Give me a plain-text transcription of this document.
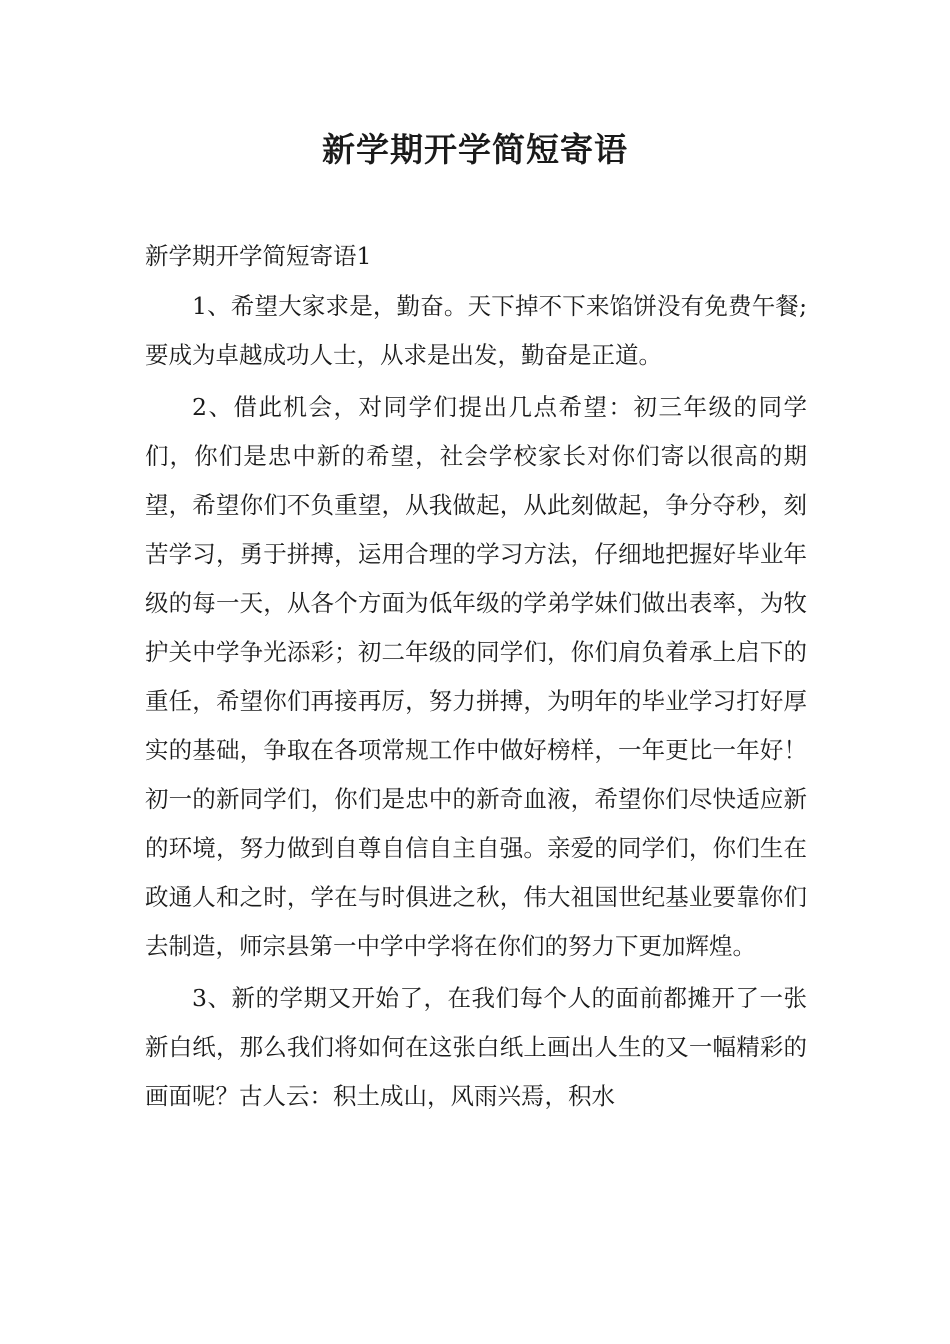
新学期开学简短寄语
新学期开学简短寄语1

1、希望大家求是，勤奋。天下掉不下来馅饼没有免费午餐;要成为卓越成功人士，从求是出发，勤奋是正道。

2、借此机会，对同学们提出几点希望：初三年级的同学们，你们是忠中新的希望，社会学校家长对你们寄以很高的期望，希望你们不负重望，从我做起，从此刻做起，争分夺秒，刻苦学习，勇于拼搏，运用合理的学习方法，仔细地把握好毕业年级的每一天，从各个方面为低年级的学弟学妹们做出表率，为牧护关中学争光添彩；初二年级的同学们，你们肩负着承上启下的重任，希望你们再接再厉，努力拼搏，为明年的毕业学习打好厚实的基础，争取在各项常规工作中做好榜样，一年更比一年好！初一的新同学们，你们是忠中的新奇血液，希望你们尽快适应新的环境，努力做到自尊自信自主自强。亲爱的同学们，你们生在政通人和之时，学在与时俱进之秋，伟大祖国世纪基业要靠你们去制造，师宗县第一中学中学将在你们的努力下更加辉煌。

3、新的学期又开始了，在我们每个人的面前都摊开了一张新白纸，那么我们将如何在这张白纸上画出人生的又一幅精彩的画面呢？古人云：积土成山，风雨兴焉，积水
